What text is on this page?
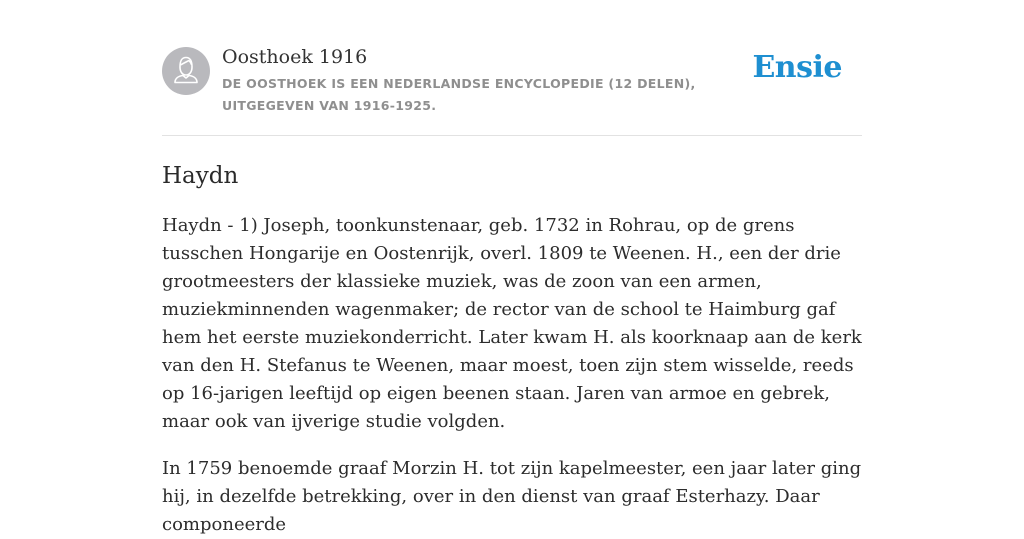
Oosthoek 1916
DE OOSTHOEK IS EEN NEDERLANDSE ENCYCLOPEDIE (12 DELEN), UITGEGEVEN VAN 1916-1925.
Ensie
Haydn

Haydn - 1) Joseph, toonkunstenaar, geb. 1732 in Rohrau, op de grens tusschen Hongarije en Oostenrijk, overl. 1809 te Weenen. H., een der drie grootmeesters der klassieke muziek, was de zoon van een armen, muziekminnenden wagenmaker; de rector van de school te Haimburg gaf hem het eerste muziekonderricht. Later kwam H. als koorknaap aan de kerk van den H. Stefanus te Weenen, maar moest, toen zijn stem wisselde, reeds op 16-jarigen leeftijd op eigen beenen staan. Jaren van armoe en gebrek, maar ook van ijverige studie volgden.

In 1759 benoemde graaf Morzin H. tot zijn kapelmeester, een jaar later ging hij, in dezelfde betrekking, over in den dienst van graaf Esterhazy. Daar componeerde
